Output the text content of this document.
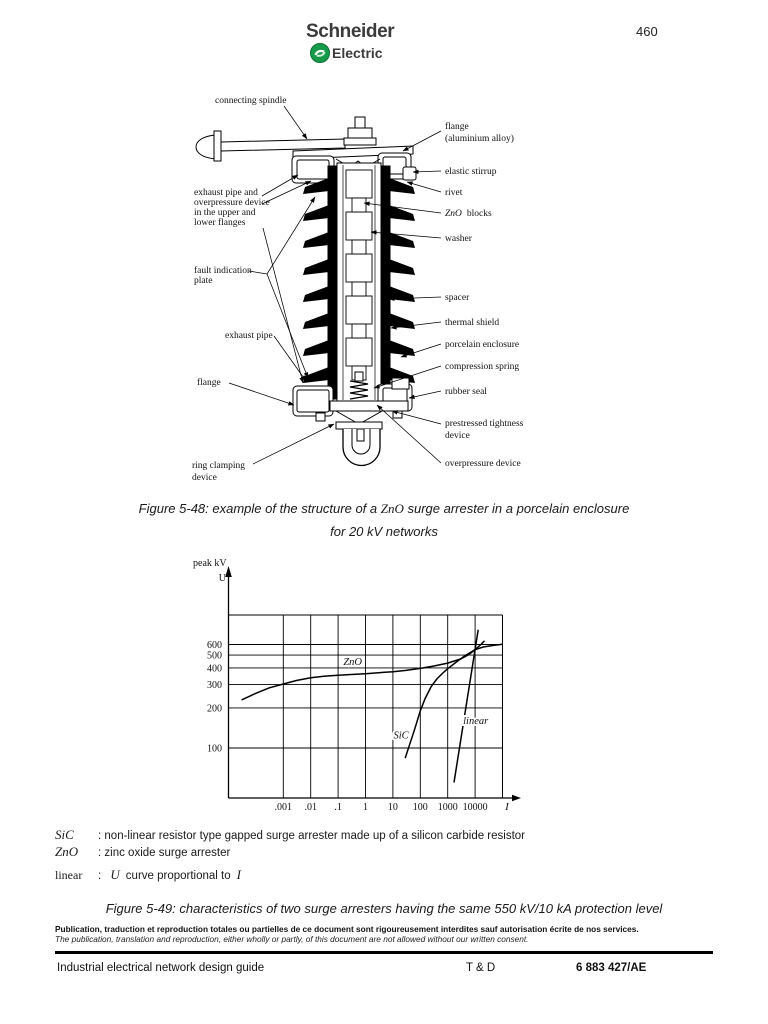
Schneider
Electric
460
connecting spindle
exhaust pipe and
overpressure device
in the upper and
lower flanges
fault indication
plate
exhaust pipe
flange
ring clamping
device
flange
(aluminium alloy)
elastic stirrup
rivet
ZnO blocks
washer
spacer
thermal shield
porcelain enclosure
compression spring
rubber seal
prestressed tightness
device
overpressure device
Figure 5-48: example of the structure of a ZnO surge arrester in a porcelain enclosure
for 20 kV networks
.001 .01 .1 1 10 100 1000 10000
100
200
300
400
500
600
peak kV
U
I
ZnO
SiC
linear
SiC : non-linear resistor type gapped surge arrester made up of a silicon carbide resistor
ZnO : zinc oxide surge arrester
linear : U curve proportional to I
Figure 5-49: characteristics of two surge arresters having the same 550 kV/10 kA protection level
Publication, traduction et reproduction totales ou partielles de ce document sont rigoureusement interdites sauf autorisation écrite de nos services.
The publication, translation and reproduction, either wholly or partly, of this document are not allowed without our written consent.
Industrial electrical network design guide	T & D	6 883 427/AE
